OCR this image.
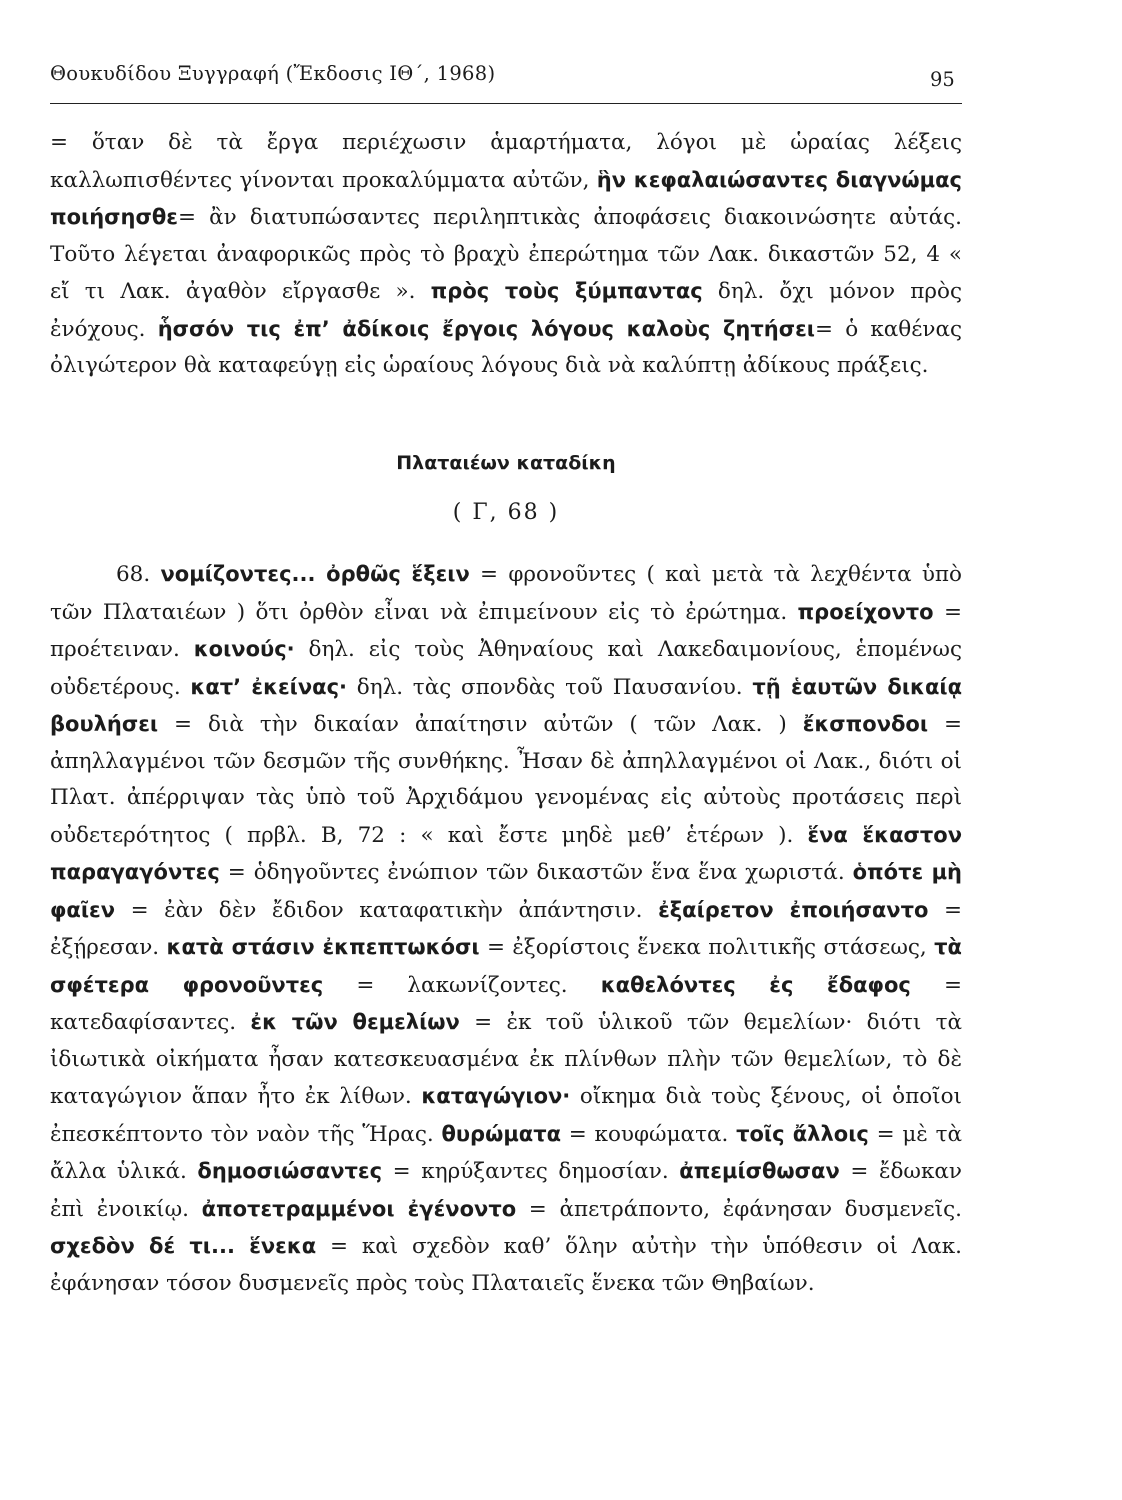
Θουκυδίδου Ξυγγραφή (Ἔκδοσις ΙΘ΄, 1968)	95
= ὅταν δὲ τὰ ἔργα περιέχωσιν ἁμαρτήματα, λόγοι μὲ ὡραίας λέξεις καλλωπισθέντες γίνονται προκαλύμματα αὐτῶν, ἣν κεφαλαιώσαντες διαγνώμας ποιήσησθε= ἂν διατυπώσαντες περιληπτικὰς ἀποφάσεις διακοινώσητε αὐτάς. Τοῦτο λέγεται ἀναφορικῶς πρὸς τὸ βραχὺ ἐπερώτημα τῶν Λακ. δικαστῶν 52, 4 « εἴ τι Λακ. ἀγαθὸν εἴργασθε ». πρὸς τοὺς ξύμπαντας δηλ. ὄχι μόνον πρὸς ἐνόχους. ἧσσόν τις ἐπ’ ἀδίκοις ἔργοις λόγους καλοὺς ζητήσει= ὁ καθένας ὀλιγώτερον θὰ καταφεύγῃ εἰς ὡραίους λόγους διὰ νὰ καλύπτῃ ἀδίκους πράξεις.
Πλαταιέων καταδίκη
( Γ, 68 )
68. νομίζοντες... ὀρθῶς ἕξειν = φρονοῦντες ( καὶ μετὰ τὰ λεχθέντα ὑπὸ τῶν Πλαταιέων ) ὅτι ὀρθὸν εἶναι νὰ ἐπιμείνουν εἰς τὸ ἐρώτημα. προείχοντο = προέτειναν. κοινούς· δηλ. εἰς τοὺς Ἀθηναίους καὶ Λακεδαιμονίους, ἑπομένως οὐδετέρους. κατ’ ἐκείνας· δηλ. τὰς σπονδὰς τοῦ Παυσανίου. τῇ ἑαυτῶν δικαίᾳ βουλήσει = διὰ τὴν δικαίαν ἀπαίτησιν αὐτῶν ( τῶν Λακ. ) ἔκσπονδοι = ἀπηλλαγμένοι τῶν δεσμῶν τῆς συνθήκης. Ἦσαν δὲ ἀπηλλαγμένοι οἱ Λακ., διότι οἱ Πλατ. ἀπέρριψαν τὰς ὑπὸ τοῦ Ἀρχιδάμου γενομένας εἰς αὐτοὺς προτάσεις περὶ οὐδετερότητος ( πρβλ. Β, 72 : « καὶ ἔστε μηδὲ μεθ’ ἑτέρων ). ἕνα ἕκαστον παραγαγόντες = ὁδηγοῦντες ἐνώπιον τῶν δικαστῶν ἕνα ἕνα χωριστά. ὁπότε μὴ φαῖεν = ἐὰν δὲν ἔδιδον καταφατικὴν ἀπάντησιν. ἐξαίρετον ἐποιήσαντο = ἐξῄρεσαν. κατὰ στάσιν ἐκπεπτωκόσι = ἐξορίστοις ἕνεκα πολιτικῆς στάσεως, τὰ σφέτερα φρονοῦντες = λακωνίζοντες. καθελόντες ἐς ἔδαφος = κατεδαφίσαντες. ἐκ τῶν θεμελίων = ἐκ τοῦ ὑλικοῦ τῶν θεμελίων· διότι τὰ ἰδιωτικὰ οἰκήματα ἦσαν κατεσκευασμένα ἐκ πλίνθων πλὴν τῶν θεμελίων, τὸ δὲ καταγώγιον ἅπαν ἦτο ἐκ λίθων. καταγώγιον· οἴκημα διὰ τοὺς ξένους, οἱ ὁποῖοι ἐπεσκέπτοντο τὸν ναὸν τῆς Ἥρας. θυρώματα = κουφώματα. τοῖς ἄλλοις = μὲ τὰ ἄλλα ὑλικά. δημοσιώσαντες = κηρύξαντες δημοσίαν. ἀπεμίσθωσαν = ἔδωκαν ἐπὶ ἐνοικίῳ. ἀποτετραμμένοι ἐγένοντο = ἀπετράποντο, ἐφάνησαν δυσμενεῖς. σχεδὸν δέ τι... ἕνεκα = καὶ σχεδὸν καθ’ ὅλην αὐτὴν τὴν ὑπόθεσιν οἱ Λακ. ἐφάνησαν τόσον δυσμενεῖς πρὸς τοὺς Πλαταιεῖς ἕνεκα τῶν Θηβαίων.
